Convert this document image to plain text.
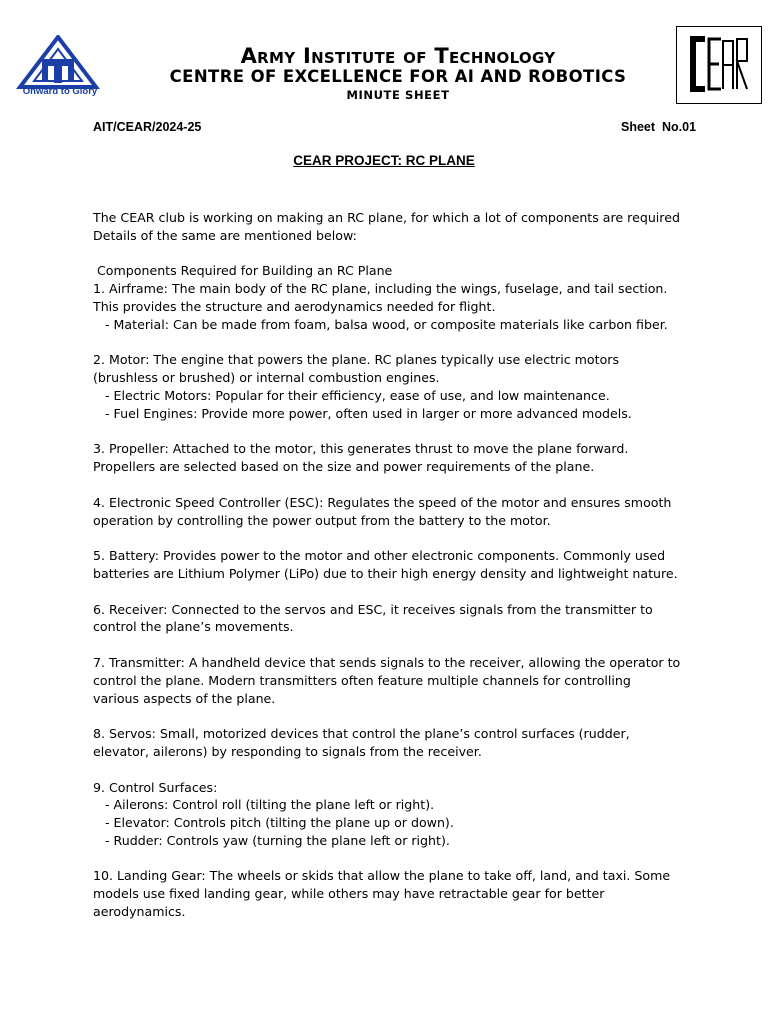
Onward to Glory
Army Institute of Technology
CENTRE OF EXCELLENCE FOR AI AND ROBOTICS
MINUTE SHEET
AIT/CEAR/2024-25	Sheet  No.01
CEAR PROJECT: RC PLANE
The CEAR club is working on making an RC plane, for which a lot of components are required
Details of the same are mentioned below:
Components Required for Building an RC Plane
1. Airframe: The main body of the RC plane, including the wings, fuselage, and tail section.
This provides the structure and aerodynamics needed for flight.
- Material: Can be made from foam, balsa wood, or composite materials like carbon fiber.
2. Motor: The engine that powers the plane. RC planes typically use electric motors
(brushless or brushed) or internal combustion engines.
- Electric Motors: Popular for their efficiency, ease of use, and low maintenance.
- Fuel Engines: Provide more power, often used in larger or more advanced models.
3. Propeller: Attached to the motor, this generates thrust to move the plane forward.
Propellers are selected based on the size and power requirements of the plane.
4. Electronic Speed Controller (ESC): Regulates the speed of the motor and ensures smooth
operation by controlling the power output from the battery to the motor.
5. Battery: Provides power to the motor and other electronic components. Commonly used
batteries are Lithium Polymer (LiPo) due to their high energy density and lightweight nature.
6. Receiver: Connected to the servos and ESC, it receives signals from the transmitter to
control the plane’s movements.
7. Transmitter: A handheld device that sends signals to the receiver, allowing the operator to
control the plane. Modern transmitters often feature multiple channels for controlling
various aspects of the plane.
8. Servos: Small, motorized devices that control the plane’s control surfaces (rudder,
elevator, ailerons) by responding to signals from the receiver.
9. Control Surfaces:
- Ailerons: Control roll (tilting the plane left or right).
- Elevator: Controls pitch (tilting the plane up or down).
- Rudder: Controls yaw (turning the plane left or right).
10. Landing Gear: The wheels or skids that allow the plane to take off, land, and taxi. Some
models use fixed landing gear, while others may have retractable gear for better
aerodynamics.
